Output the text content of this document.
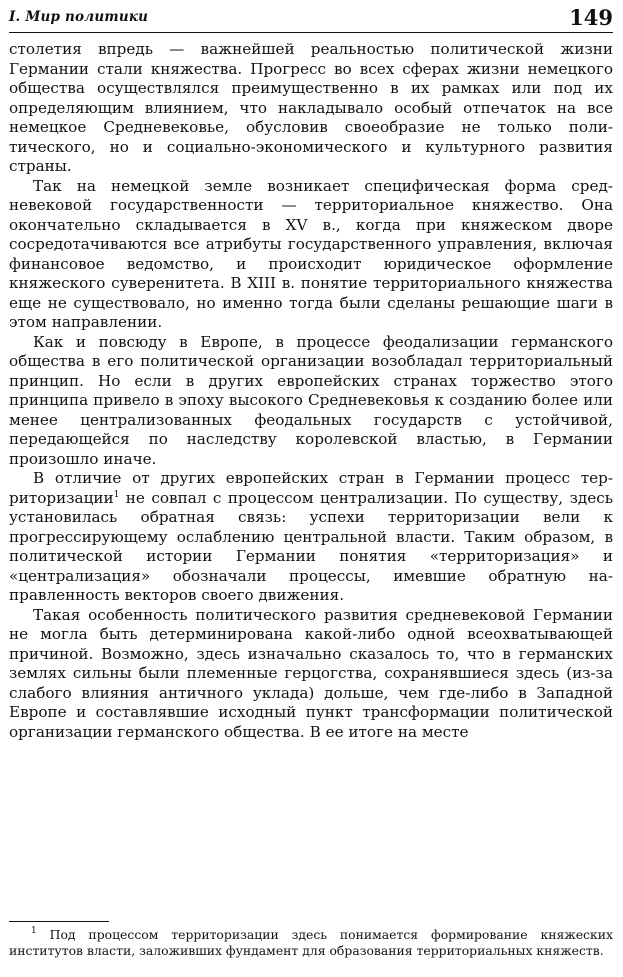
I. Мир политики	149

столетия впредь — важнейшей реальностью политической жизни Германии стали княжества. Прогресс во всех сферах жизни немецкого общества осуществлялся преимущественно в их рамках или под их определяющим влиянием, что накладывало особый отпечаток на все немецкое Средневековье, обусловив своеобразие не только политического, но и социально-экономического и культурного развития страны.

Так на немецкой земле возникает специфическая форма средневековой государственности — территориальное княжество. Она окончательно складывается в XV в., когда при княжеском дворе сосредотачиваются все атрибуты государственного управления, включая финансовое ведомство, и происходит юридическое оформление княжеского суверенитета. В XIII в. понятие территориального княжества еще не существовало, но именно тогда были сделаны решающие шаги в этом направлении.

Как и повсюду в Европе, в процессе феодализации германского общества в его политической организации возобладал территориальный принцип. Но если в других европейских странах торжество этого принципа привело в эпоху высокого Средневековья к созданию более или менее централизованных феодальных государств с устойчивой, передающейся по наследству королевской властью, в Германии произошло иначе.

В отличие от других европейских стран в Германии процесс территоризации$^1$ не совпал с процессом централизации. По существу, здесь установилась обратная связь: успехи территоризации вели к прогрессирующему ослаблению центральной власти. Таким образом, в политической истории Германии понятия «территоризация» и «централизация» обозначали процессы, имевшие обратную направленность векторов своего движения.

Такая особенность политического развития средневековой Германии не могла быть детерминирована какой-либо одной всеохватывающей причиной. Возможно, здесь изначально сказалось то, что в германских землях сильны были племенные герцогства, сохранявшиеся здесь (из-за слабого влияния античного уклада) дольше, чем где-либо в Западной Европе и составлявшие исходный пункт трансформации политической организации германского общества. В ее итоге на месте

$^1$ Под процессом территоризации здесь понимается формирование княжеских институтов власти, заложивших фундамент для образования территориальных княжеств.
